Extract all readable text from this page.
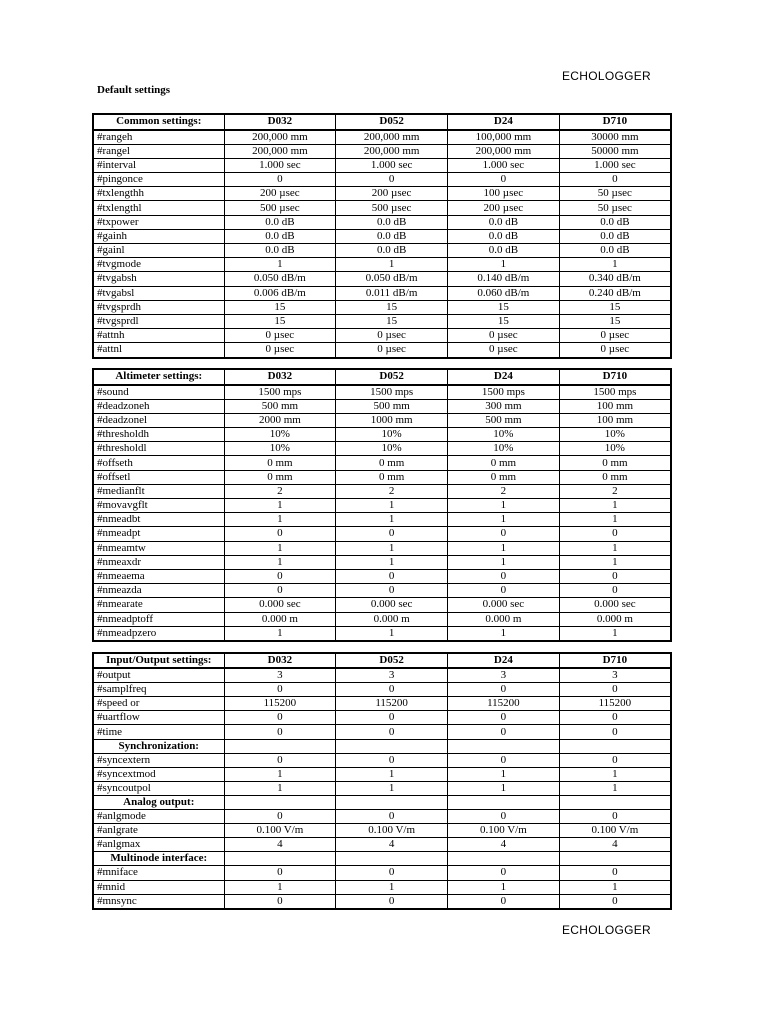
ECHOLOGGER
Default settings
Common settings:	D032	D052	D24	D710
#rangeh	200,000 mm	200,000 mm	100,000 mm	30000 mm
#rangel	200,000 mm	200,000 mm	200,000 mm	50000 mm
#interval	1.000 sec	1.000 sec	1.000 sec	1.000 sec
#pingonce	0	0	0	0
#txlengthh	200 µsec	200 µsec	100 µsec	50 µsec
#txlengthl	500 µsec	500 µsec	200 µsec	50 µsec
#txpower	0.0 dB	0.0 dB	0.0 dB	0.0 dB
#gainh	0.0 dB	0.0 dB	0.0 dB	0.0 dB
#gainl	0.0 dB	0.0 dB	0.0 dB	0.0 dB
#tvgmode	1	1	1	1
#tvgabsh	0.050 dB/m	0.050 dB/m	0.140 dB/m	0.340 dB/m
#tvgabsl	0.006 dB/m	0.011 dB/m	0.060 dB/m	0.240 dB/m
#tvgsprdh	15	15	15	15
#tvgsprdl	15	15	15	15
#attnh	0 µsec	0 µsec	0 µsec	0 µsec
#attnl	0 µsec	0 µsec	0 µsec	0 µsec
Altimeter settings:	D032	D052	D24	D710
#sound	1500 mps	1500 mps	1500 mps	1500 mps
#deadzoneh	500 mm	500 mm	300 mm	100 mm
#deadzonel	2000 mm	1000 mm	500 mm	100 mm
#thresholdh	10%	10%	10%	10%
#thresholdl	10%	10%	10%	10%
#offseth	0 mm	0 mm	0 mm	0 mm
#offsetl	0 mm	0 mm	0 mm	0 mm
#medianflt	2	2	2	2
#movavgflt	1	1	1	1
#nmeadbt	1	1	1	1
#nmeadpt	0	0	0	0
#nmeamtw	1	1	1	1
#nmeaxdr	1	1	1	1
#nmeaema	0	0	0	0
#nmeazda	0	0	0	0
#nmearate	0.000 sec	0.000 sec	0.000 sec	0.000 sec
#nmeadptoff	0.000 m	0.000 m	0.000 m	0.000 m
#nmeadpzero	1	1	1	1
Input/Output settings:	D032	D052	D24	D710
#output	3	3	3	3
#samplfreq	0	0	0	0
#speed or	115200	115200	115200	115200
#uartflow	0	0	0	0
#time	0	0	0	0
Synchronization:				
#syncextern	0	0	0	0
#syncextmod	1	1	1	1
#syncoutpol	1	1	1	1
Analog output:				
#anlgmode	0	0	0	0
#anlgrate	0.100 V/m	0.100 V/m	0.100 V/m	0.100 V/m
#anlgmax	4	4	4	4
Multinode interface:				
#mniface	0	0	0	0
#mnid	1	1	1	1
#mnsync	0	0	0	0
ECHOLOGGER
